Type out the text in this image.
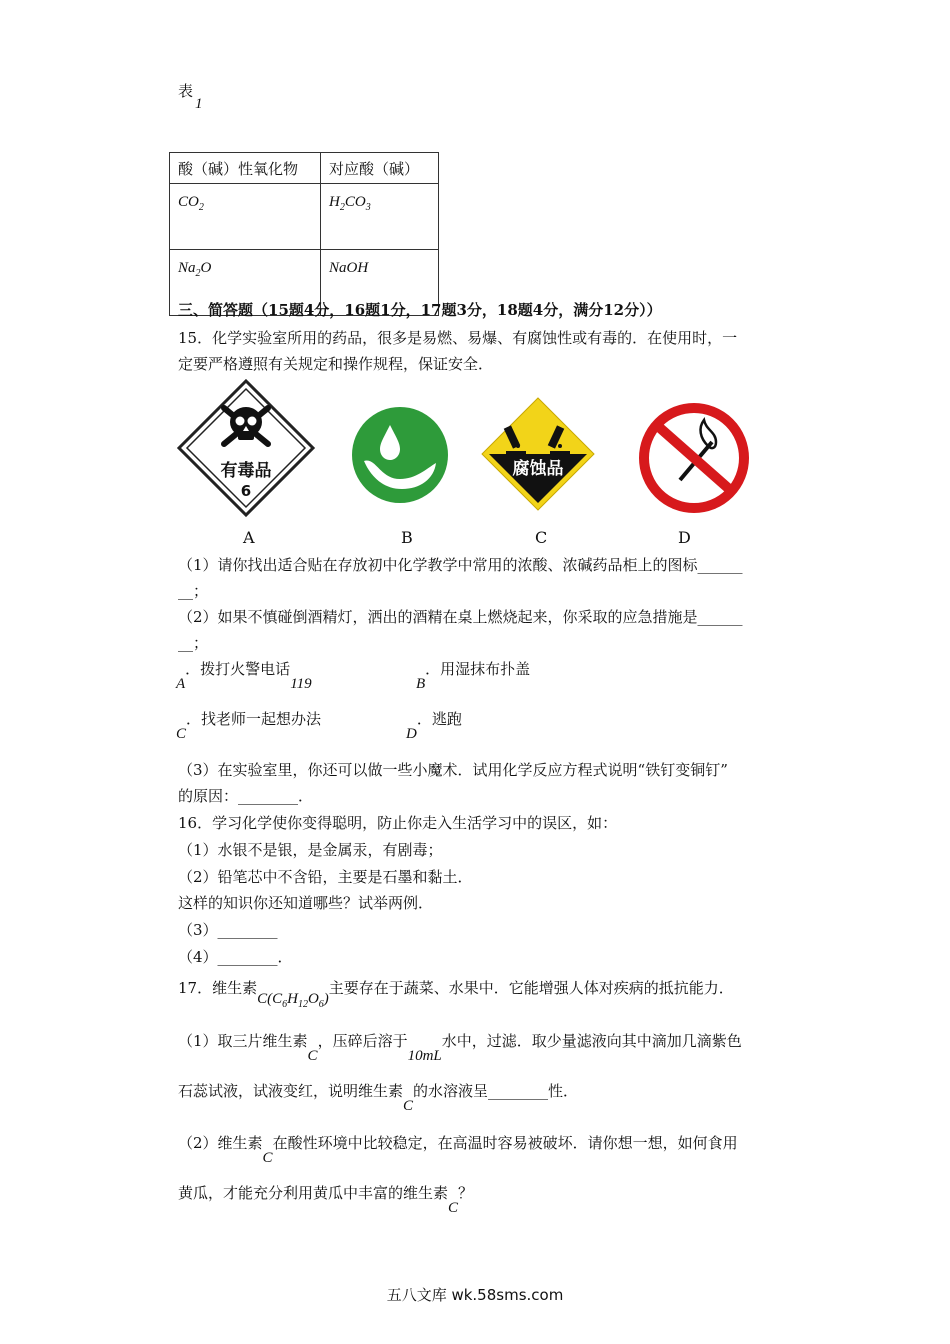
表1
酸（碱）性氧化物	对应酸（碱）
$CO_2$	$H_2CO_3$
$Na_2O$	NaOH
三、简答题（15题4分，16题1分，17题3分，18题4分，满分12分））
15．化学实验室所用的药品，很多是易燃、易爆、有腐蚀性或有毒的．在使用时，一
定要严格遵照有关规定和操作规程，保证安全．
有毒品
6
腐蚀品
A	B	C	D
（1）请你找出适合贴在存放初中化学教学中常用的浓酸、浓碱药品柜上的图标______
__；
（2）如果不慎碰倒酒精灯，洒出的酒精在桌上燃烧起来，你采取的应急措施是______
__；
A．拨打火警电话119	B．用湿抹布扑盖
C．找老师一起想办法
D．逃跑
（3）在实验室里，你还可以做一些小魔术．试用化学反应方程式说明“铁钉变铜钉”
的原因：________．
16．学习化学使你变得聪明，防止你走入生活学习中的误区，如：
（1）水银不是银，是金属汞，有剧毒；
（2）铅笔芯中不含铅，主要是石墨和黏土．
这样的知识你还知道哪些？试举两例．
（3）________
（4）________．
17．维生素$C(C_6H_{12}O_6)$主要存在于蔬菜、水果中．它能增强人体对疾病的抵抗能力．
（1）取三片维生素C，压碎后溶于10mL水中，过滤．取少量滤液向其中滴加几滴紫色
石蕊试液，试液变红，说明维生素C的水溶液呈________性．
（2）维生素C在酸性环境中比较稳定，在高温时容易被破坏．请你想一想，如何食用
黄瓜，才能充分利用黄瓜中丰富的维生素C？
五八文库 wk.58sms.com
